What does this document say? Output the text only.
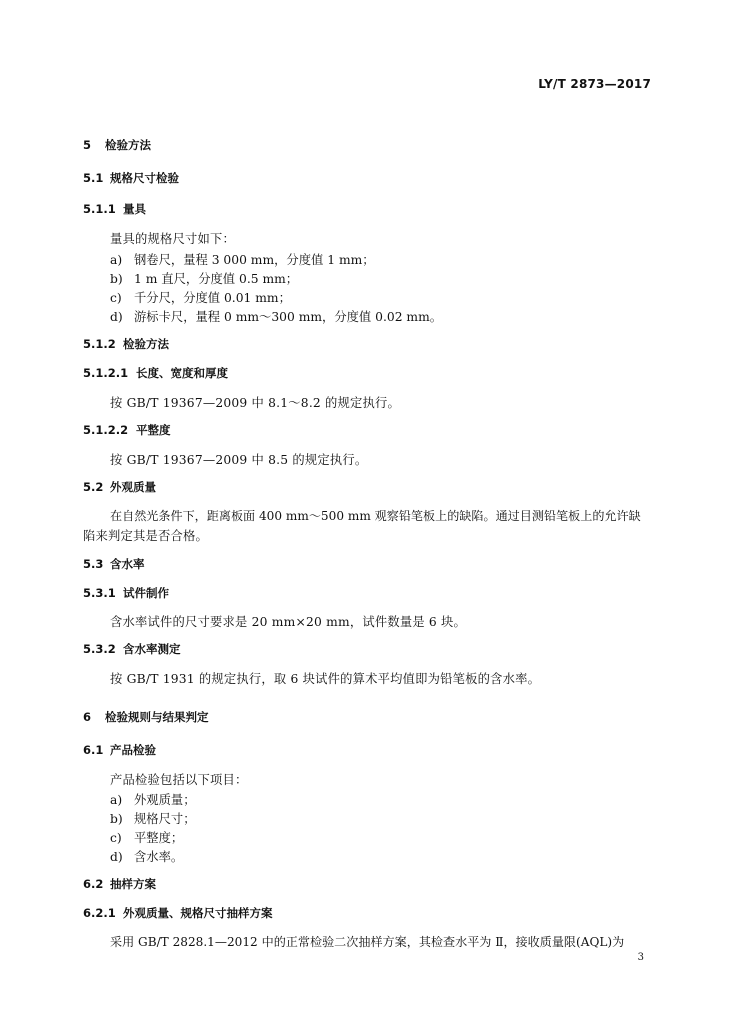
LY/T 2873—2017
5 检验方法
5.1 规格尺寸检验
5.1.1 量具
量具的规格尺寸如下：
a) 钢卷尺，量程 3 000 mm，分度值 1 mm；
b) 1 m 直尺，分度值 0.5 mm；
c) 千分尺，分度值 0.01 mm；
d) 游标卡尺，量程 0 mm～300 mm，分度值 0.02 mm。
5.1.2 检验方法
5.1.2.1 长度、宽度和厚度
按 GB/T 19367—2009 中 8.1～8.2 的规定执行。
5.1.2.2 平整度
按 GB/T 19367—2009 中 8.5 的规定执行。
5.2 外观质量
在自然光条件下，距离板面 400 mm～500 mm 观察铅笔板上的缺陷。通过目测铅笔板上的允许缺
陷来判定其是否合格。
5.3 含水率
5.3.1 试件制作
含水率试件的尺寸要求是 20 mm×20 mm，试件数量是 6 块。
5.3.2 含水率测定
按 GB/T 1931 的规定执行，取 6 块试件的算术平均值即为铅笔板的含水率。
6 检验规则与结果判定
6.1 产品检验
产品检验包括以下项目：
a) 外观质量；
b) 规格尺寸；
c) 平整度；
d) 含水率。
6.2 抽样方案
6.2.1 外观质量、规格尺寸抽样方案
采用 GB/T 2828.1—2012 中的正常检验二次抽样方案，其检查水平为 Ⅱ，接收质量限(AQL)为
3
